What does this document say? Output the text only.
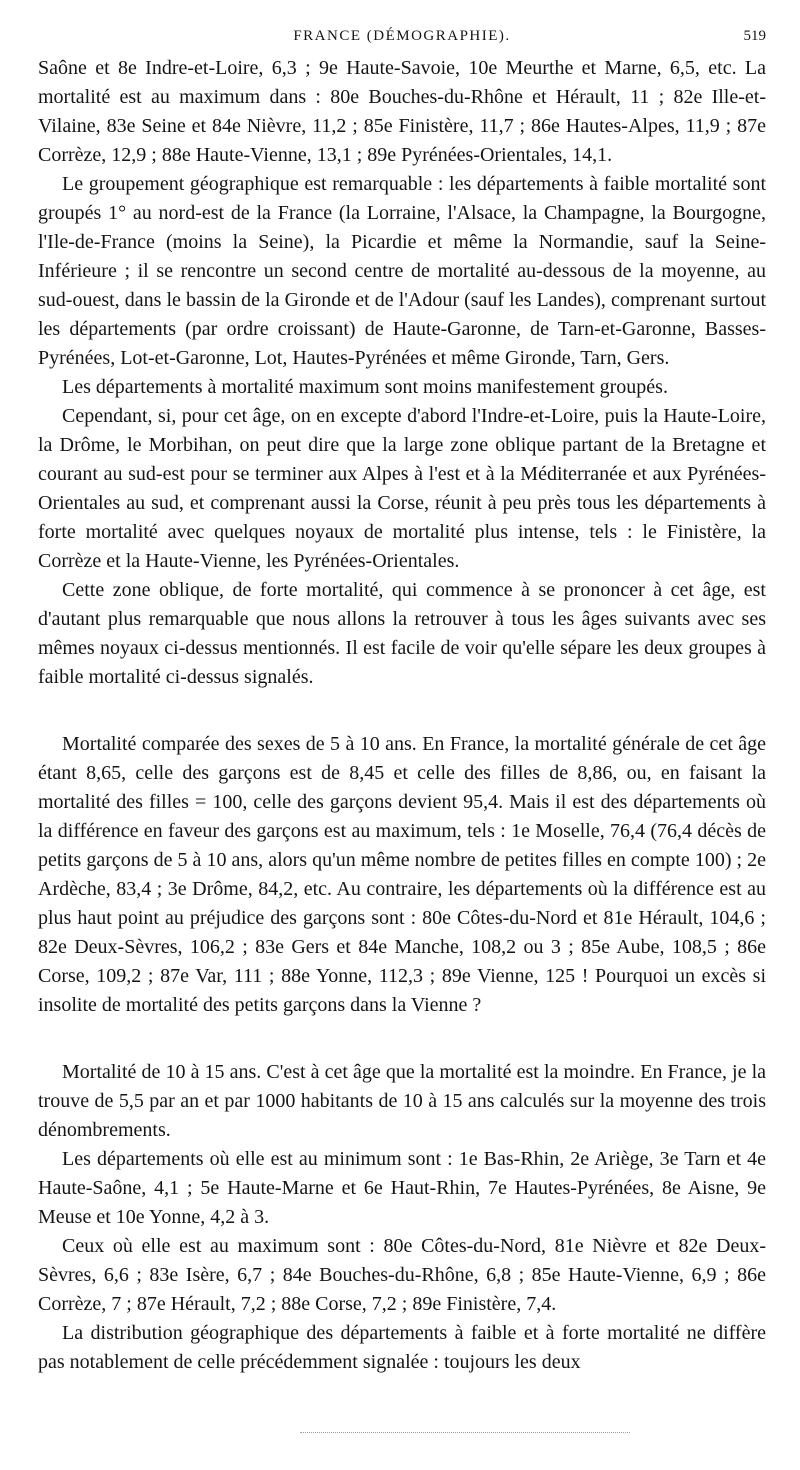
FRANCE (DÉMOGRAPHIE).	519

Saône et 8e Indre-et-Loire, 6,3 ; 9e Haute-Savoie, 10e Meurthe et Marne, 6,5, etc. La mortalité est au maximum dans : 80e Bouches-du-Rhône et Hérault, 11 ; 82e Ille-et-Vilaine, 83e Seine et 84e Nièvre, 11,2 ; 85e Finistère, 11,7 ; 86e Hautes-Alpes, 11,9 ; 87e Corrèze, 12,9 ; 88e Haute-Vienne, 13,1 ; 89e Pyrénées-Orientales, 14,1.

Le groupement géographique est remarquable : les départements à faible mortalité sont groupés 1° au nord-est de la France (la Lorraine, l'Alsace, la Champagne, la Bourgogne, l'Ile-de-France (moins la Seine), la Picardie et même la Normandie, sauf la Seine-Inférieure ; il se rencontre un second centre de mortalité au-dessous de la moyenne, au sud-ouest, dans le bassin de la Gironde et de l'Adour (sauf les Landes), comprenant surtout les départements (par ordre croissant) de Haute-Garonne, de Tarn-et-Garonne, Basses-Pyrénées, Lot-et-Garonne, Lot, Hautes-Pyrénées et même Gironde, Tarn, Gers.

Les départements à mortalité maximum sont moins manifestement groupés.

Cependant, si, pour cet âge, on en excepte d'abord l'Indre-et-Loire, puis la Haute-Loire, la Drôme, le Morbihan, on peut dire que la large zone oblique partant de la Bretagne et courant au sud-est pour se terminer aux Alpes à l'est et à la Méditerranée et aux Pyrénées-Orientales au sud, et comprenant aussi la Corse, réunit à peu près tous les départements à forte mortalité avec quelques noyaux de mortalité plus intense, tels : le Finistère, la Corrèze et la Haute-Vienne, les Pyrénées-Orientales.

Cette zone oblique, de forte mortalité, qui commence à se prononcer à cet âge, est d'autant plus remarquable que nous allons la retrouver à tous les âges suivants avec ses mêmes noyaux ci-dessus mentionnés. Il est facile de voir qu'elle sépare les deux groupes à faible mortalité ci-dessus signalés.

Mortalité comparée des sexes de 5 à 10 ans. En France, la mortalité générale de cet âge étant 8,65, celle des garçons est de 8,45 et celle des filles de 8,86, ou, en faisant la mortalité des filles = 100, celle des garçons devient 95,4. Mais il est des départements où la différence en faveur des garçons est au maximum, tels : 1e Moselle, 76,4 (76,4 décès de petits garçons de 5 à 10 ans, alors qu'un même nombre de petites filles en compte 100) ; 2e Ardèche, 83,4 ; 3e Drôme, 84,2, etc. Au contraire, les départements où la différence est au plus haut point au préjudice des garçons sont : 80e Côtes-du-Nord et 81e Hérault, 104,6 ; 82e Deux-Sèvres, 106,2 ; 83e Gers et 84e Manche, 108,2 ou 3 ; 85e Aube, 108,5 ; 86e Corse, 109,2 ; 87e Var, 111 ; 88e Yonne, 112,3 ; 89e Vienne, 125 ! Pourquoi un excès si insolite de mortalité des petits garçons dans la Vienne ?

Mortalité de 10 à 15 ans. C'est à cet âge que la mortalité est la moindre. En France, je la trouve de 5,5 par an et par 1000 habitants de 10 à 15 ans calculés sur la moyenne des trois dénombrements.

Les départements où elle est au minimum sont : 1e Bas-Rhin, 2e Ariège, 3e Tarn et 4e Haute-Saône, 4,1 ; 5e Haute-Marne et 6e Haut-Rhin, 7e Hautes-Pyrénées, 8e Aisne, 9e Meuse et 10e Yonne, 4,2 à 3.

Ceux où elle est au maximum sont : 80e Côtes-du-Nord, 81e Nièvre et 82e Deux-Sèvres, 6,6 ; 83e Isère, 6,7 ; 84e Bouches-du-Rhône, 6,8 ; 85e Haute-Vienne, 6,9 ; 86e Corrèze, 7 ; 87e Hérault, 7,2 ; 88e Corse, 7,2 ; 89e Finistère, 7,4.

La distribution géographique des départements à faible et à forte mortalité ne diffère pas notablement de celle précédemment signalée : toujours les deux
